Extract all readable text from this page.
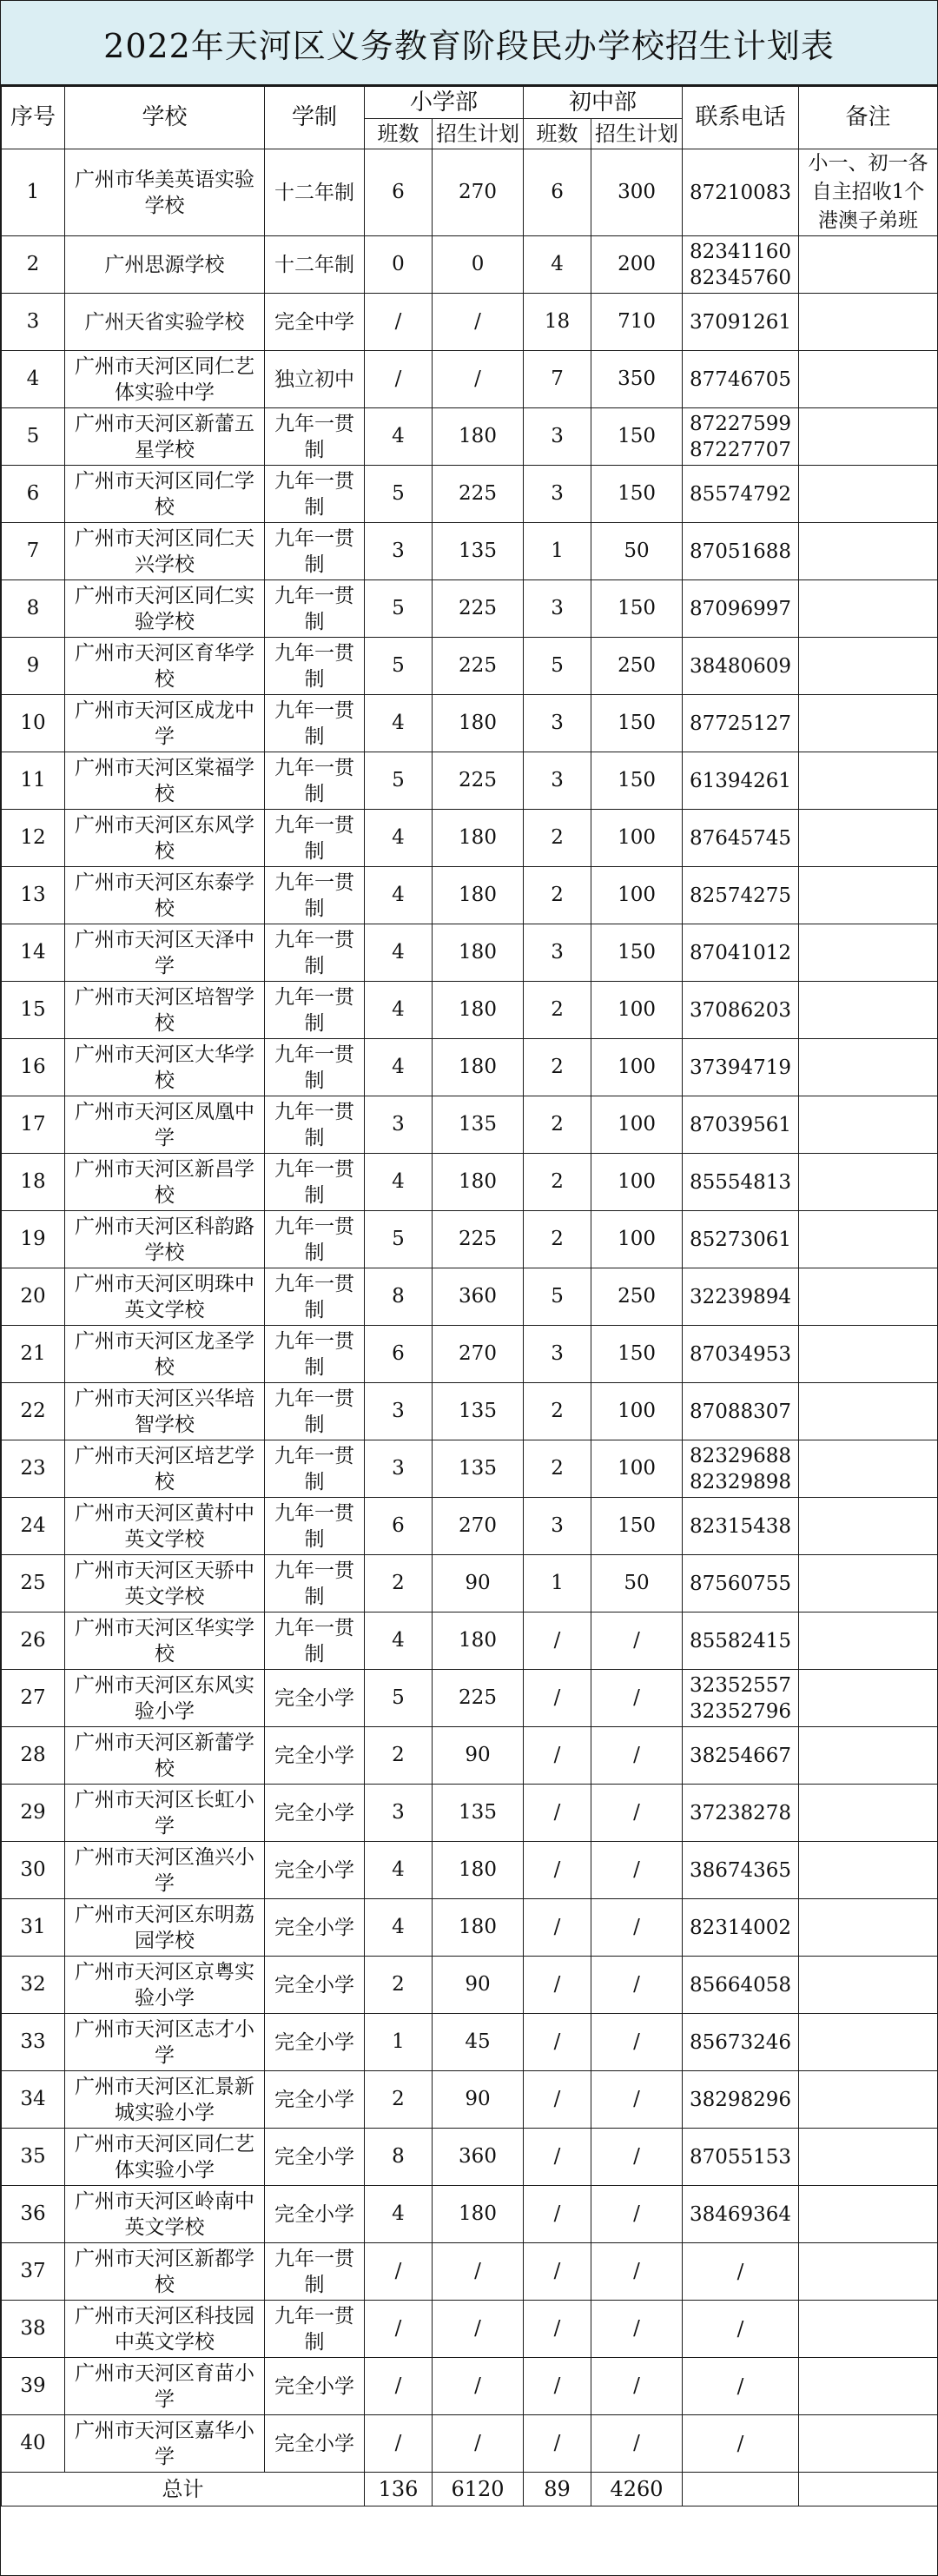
2022年天河区义务教育阶段民办学校招生计划表
序号	学校	学制	小学部		初中部		联系电话	备注
			班数	招生计划	班数	招生计划		
1	广州市华美英语实验学校	十二年制	6	270	6	300	87210083	小一、初一各自主招收1个港澳子弟班
2	广州思源学校	十二年制	0	0	4	200	82341160
82345760	
3	广州天省实验学校	完全中学	/	/	18	710	37091261	
4	广州市天河区同仁艺体实验中学	独立初中	/	/	7	350	87746705	
5	广州市天河区新蕾五星学校	九年一贯制	4	180	3	150	87227599
87227707	
6	广州市天河区同仁学校	九年一贯制	5	225	3	150	85574792	
7	广州市天河区同仁天兴学校	九年一贯制	3	135	1	50	87051688	
8	广州市天河区同仁实验学校	九年一贯制	5	225	3	150	87096997	
9	广州市天河区育华学校	九年一贯制	5	225	5	250	38480609	
10	广州市天河区成龙中学	九年一贯制	4	180	3	150	87725127	
11	广州市天河区棠福学校	九年一贯制	5	225	3	150	61394261	
12	广州市天河区东风学校	九年一贯制	4	180	2	100	87645745	
13	广州市天河区东泰学校	九年一贯制	4	180	2	100	82574275	
14	广州市天河区天泽中学	九年一贯制	4	180	3	150	87041012	
15	广州市天河区培智学校	九年一贯制	4	180	2	100	37086203	
16	广州市天河区大华学校	九年一贯制	4	180	2	100	37394719	
17	广州市天河区凤凰中学	九年一贯制	3	135	2	100	87039561	
18	广州市天河区新昌学校	九年一贯制	4	180	2	100	85554813	
19	广州市天河区科韵路学校	九年一贯制	5	225	2	100	85273061	
20	广州市天河区明珠中英文学校	九年一贯制	8	360	5	250	32239894	
21	广州市天河区龙圣学校	九年一贯制	6	270	3	150	87034953	
22	广州市天河区兴华培智学校	九年一贯制	3	135	2	100	87088307	
23	广州市天河区培艺学校	九年一贯制	3	135	2	100	82329688
82329898	
24	广州市天河区黄村中英文学校	九年一贯制	6	270	3	150	82315438	
25	广州市天河区天骄中英文学校	九年一贯制	2	90	1	50	87560755	
26	广州市天河区华实学校	九年一贯制	4	180	/	/	85582415	
27	广州市天河区东风实验小学	完全小学	5	225	/	/	32352557
32352796	
28	广州市天河区新蕾学校	完全小学	2	90	/	/	38254667	
29	广州市天河区长虹小学	完全小学	3	135	/	/	37238278	
30	广州市天河区渔兴小学	完全小学	4	180	/	/	38674365	
31	广州市天河区东明荔园学校	完全小学	4	180	/	/	82314002	
32	广州市天河区京粤实验小学	完全小学	2	90	/	/	85664058	
33	广州市天河区志才小学	完全小学	1	45	/	/	85673246	
34	广州市天河区汇景新城实验小学	完全小学	2	90	/	/	38298296	
35	广州市天河区同仁艺体实验小学	完全小学	8	360	/	/	87055153	
36	广州市天河区岭南中英文学校	完全小学	4	180	/	/	38469364	
37	广州市天河区新都学校	九年一贯制	/	/	/	/	/	
38	广州市天河区科技园中英文学校	九年一贯制	/	/	/	/	/	
39	广州市天河区育苗小学	完全小学	/	/	/	/	/	
40	广州市天河区嘉华小学	完全小学	/	/	/	/	/	
总计			136	6120	89	4260		
